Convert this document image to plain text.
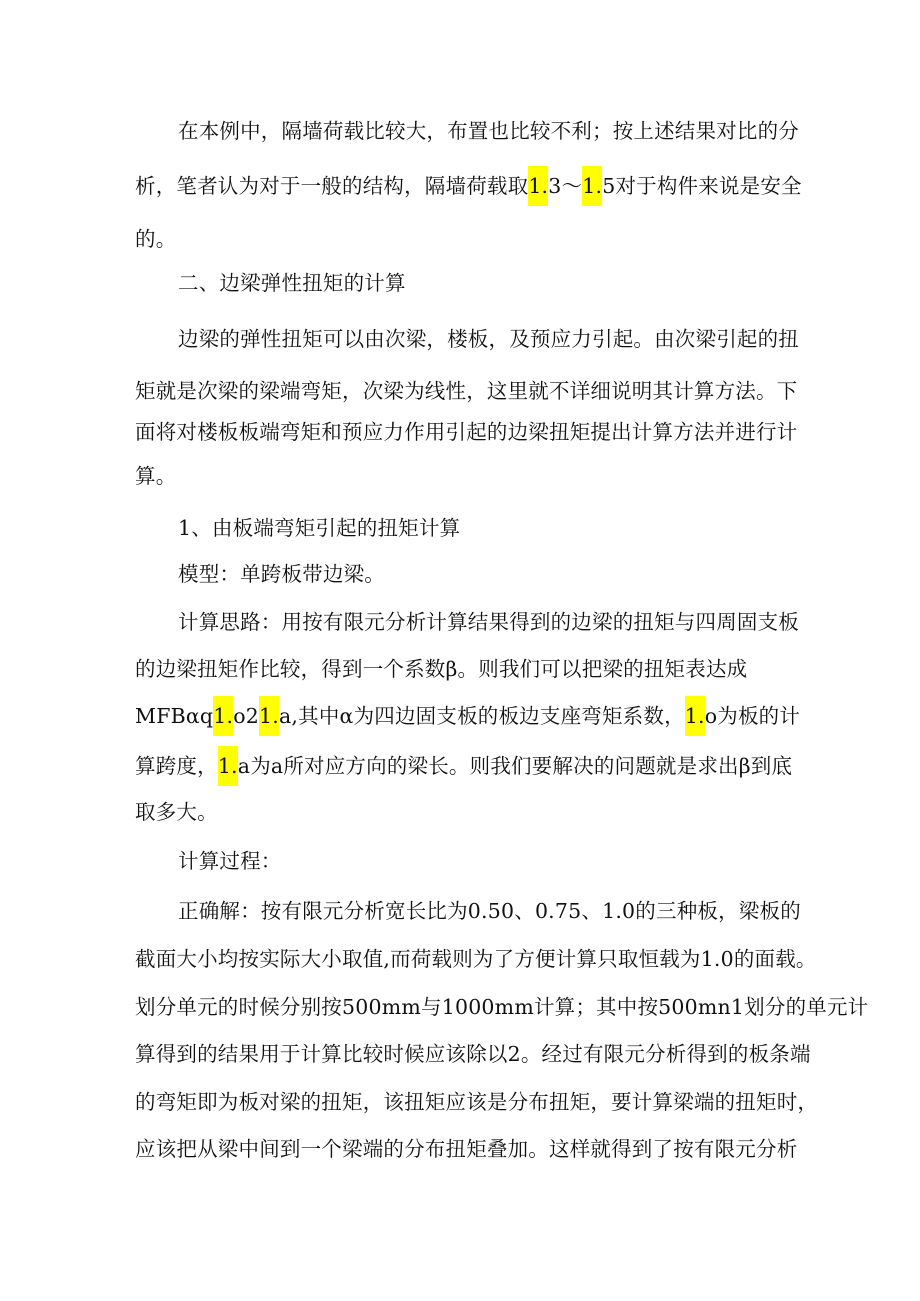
在本例中，隔墙荷载比较大，布置也比较不利；按上述结果对比的分
析，笔者认为对于一般的结构，隔墙荷载取1.3～1.5对于构件来说是安全
的。
二、边梁弹性扭矩的计算
边梁的弹性扭矩可以由次梁，楼板，及预应力引起。由次梁引起的扭
矩就是次梁的梁端弯矩，次梁为线性，这里就不详细说明其计算方法。下
面将对楼板板端弯矩和预应力作用引起的边梁扭矩提出计算方法并进行计
算。
1、由板端弯矩引起的扭矩计算
模型：单跨板带边梁。
计算思路：用按有限元分析计算结果得到的边梁的扭矩与四周固支板
的边梁扭矩作比较，得到一个系数β。则我们可以把梁的扭矩表达成
MFBαq1.o21.a,其中α为四边固支板的板边支座弯矩系数，1.o为板的计
算跨度，1.a为a所对应方向的梁长。则我们要解决的问题就是求出β到底
取多大。
计算过程：
正确解：按有限元分析宽长比为0.50、0.75、1.0的三种板，梁板的
截面大小均按实际大小取值,而荷载则为了方便计算只取恒载为1.0的面载。
划分单元的时候分别按500mm与1000mm计算；其中按500mn1划分的单元计
算得到的结果用于计算比较时候应该除以2。经过有限元分析得到的板条端
的弯矩即为板对梁的扭矩，该扭矩应该是分布扭矩，要计算梁端的扭矩时，
应该把从梁中间到一个梁端的分布扭矩叠加。这样就得到了按有限元分析
